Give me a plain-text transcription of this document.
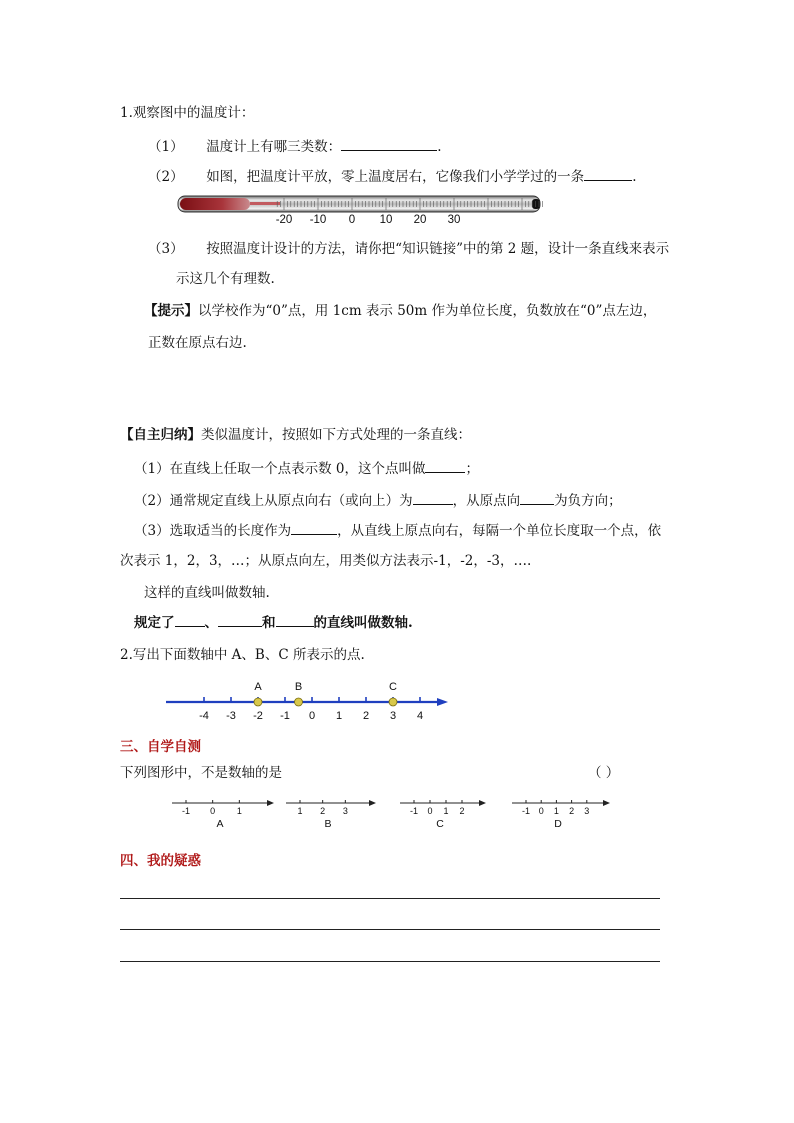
1.观察图中的温度计：
（1） 温度计上有哪三类数：	.
（2） 如图，把温度计平放，零上温度居右，它像我们小学学过的一条	.
-20 -10 0 10 20 30
（3） 按照温度计设计的方法，请你把“知识链接”中的第 2 题，设计一条直线来表示
示这几个有理数.
【提示】以学校作为“0”点，用 1cm 表示 50m 作为单位长度，负数放在“0”点左边，
正数在原点右边.
【自主归纳】类似温度计，按照如下方式处理的一条直线：
（1）在直线上任取一个点表示数 0，这个点叫做	；
（2）通常规定直线上从原点向右（或向上）为	，从原点向	为负方向；
（3）选取适当的长度作为	，从直线上原点向右，每隔一个单位长度取一个点，依
次表示 1，2，3，…；从原点向左，用类似方法表示-1，-2，-3，….
这样的直线叫做数轴.
规定了 、	和	的直线叫做数轴.
2.写出下面数轴中 A、B、C 所表示的点.
-4 -3 -2 -1 0 1 2 3 4
A	B	C
三、自学自测
下列图形中，不是数轴的是	（ ）
-1 0 1
A
1 2 3
B
-1 0 1 2
C
-1 0 1 2 3
D
四、我的疑惑
